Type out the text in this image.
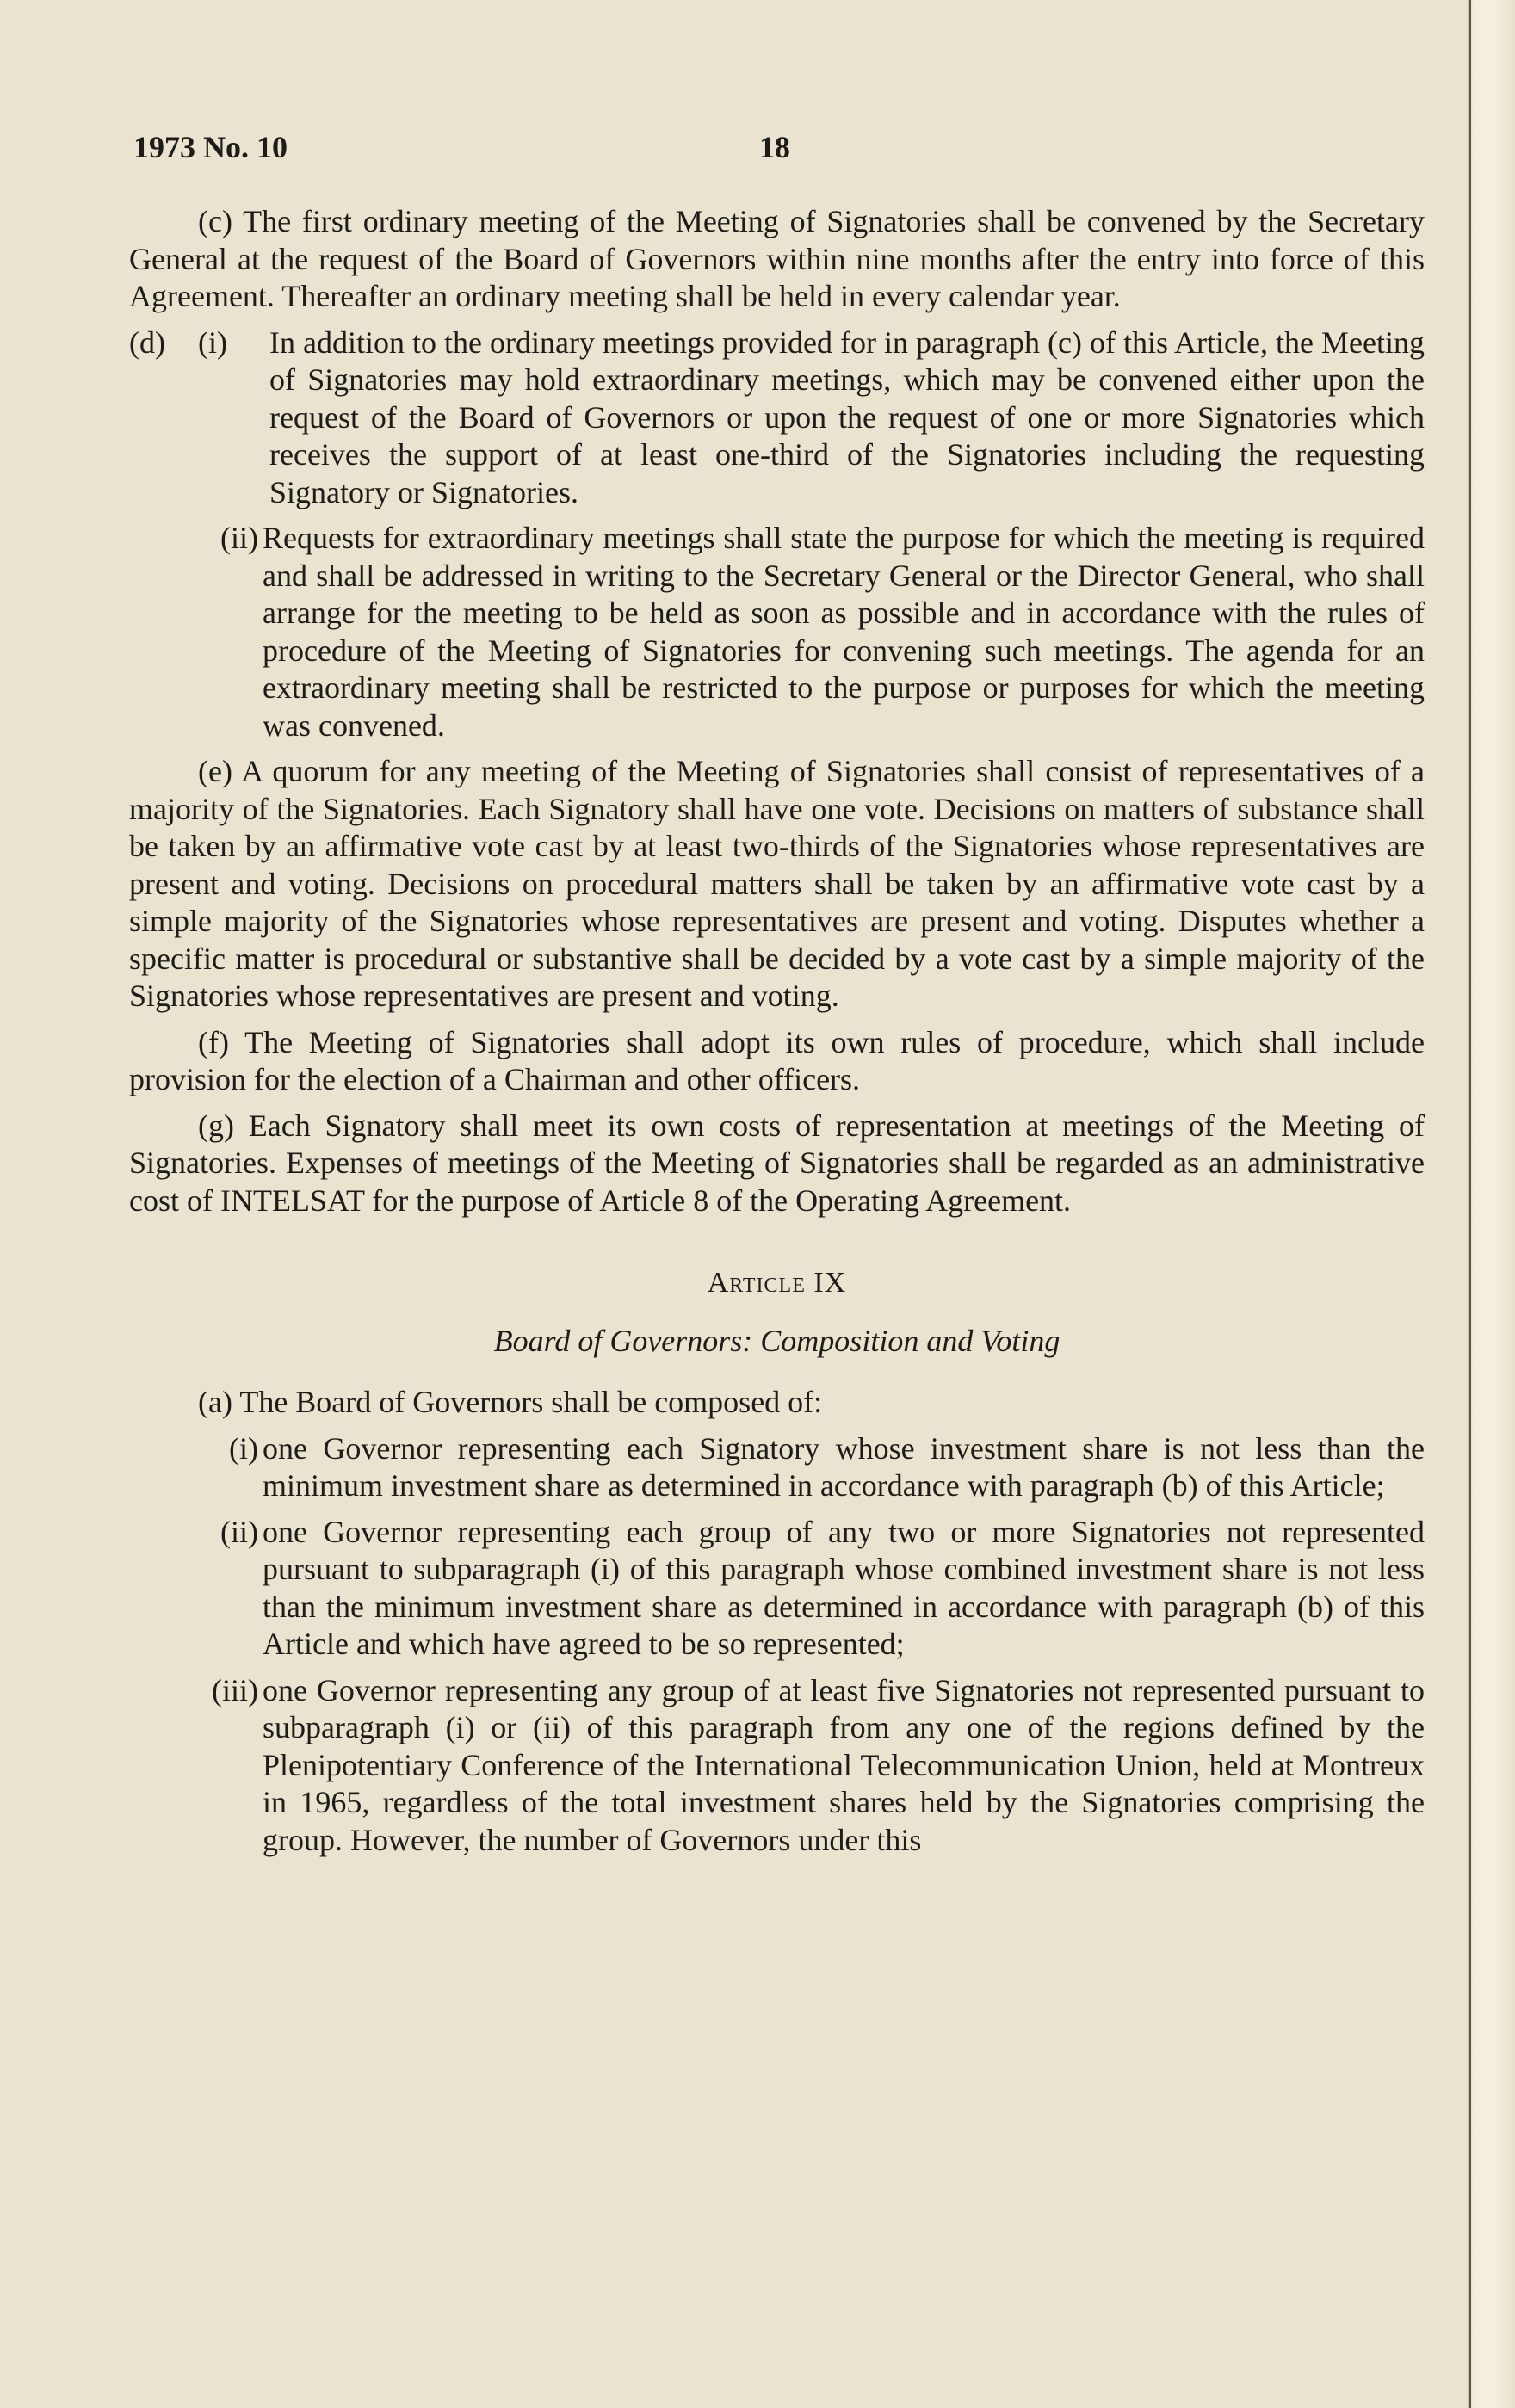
1973 No. 10	18

(c) The first ordinary meeting of the Meeting of Signatories shall be convened by the Secretary General at the request of the Board of Governors within nine months after the entry into force of this Agreement. Thereafter an ordinary meeting shall be held in every calendar year.

(d) (i) In addition to the ordinary meetings provided for in paragraph (c) of this Article, the Meeting of Signatories may hold extraordinary meetings, which may be convened either upon the request of the Board of Governors or upon the request of one or more Signatories which receives the support of at least one-third of the Signatories including the requesting Signatory or Signatories.
(ii) Requests for extraordinary meetings shall state the purpose for which the meeting is required and shall be addressed in writing to the Secretary General or the Director General, who shall arrange for the meeting to be held as soon as possible and in accordance with the rules of procedure of the Meeting of Signatories for convening such meetings. The agenda for an extraordinary meeting shall be restricted to the purpose or purposes for which the meeting was convened.

(e) A quorum for any meeting of the Meeting of Signatories shall consist of representatives of a majority of the Signatories. Each Signatory shall have one vote. Decisions on matters of substance shall be taken by an affirmative vote cast by at least two-thirds of the Signatories whose representatives are present and voting. Decisions on procedural matters shall be taken by an affirmative vote cast by a simple majority of the Signatories whose representatives are present and voting. Disputes whether a specific matter is procedural or substantive shall be decided by a vote cast by a simple majority of the Signatories whose representatives are present and voting.

(f) The Meeting of Signatories shall adopt its own rules of procedure, which shall include provision for the election of a Chairman and other officers.

(g) Each Signatory shall meet its own costs of representation at meetings of the Meeting of Signatories. Expenses of meetings of the Meeting of Signatories shall be regarded as an administrative cost of INTELSAT for the purpose of Article 8 of the Operating Agreement.

Article IX
Board of Governors: Composition and Voting

(a) The Board of Governors shall be composed of:

(i) one Governor representing each Signatory whose investment share is not less than the minimum investment share as determined in accordance with paragraph (b) of this Article;
(ii) one Governor representing each group of any two or more Signatories not represented pursuant to subparagraph (i) of this paragraph whose combined investment share is not less than the minimum investment share as determined in accordance with paragraph (b) of this Article and which have agreed to be so represented;
(iii) one Governor representing any group of at least five Signatories not represented pursuant to subparagraph (i) or (ii) of this paragraph from any one of the regions defined by the Plenipotentiary Conference of the International Telecommunication Union, held at Montreux in 1965, regardless of the total investment shares held by the Signatories comprising the group. However, the number of Governors under this
